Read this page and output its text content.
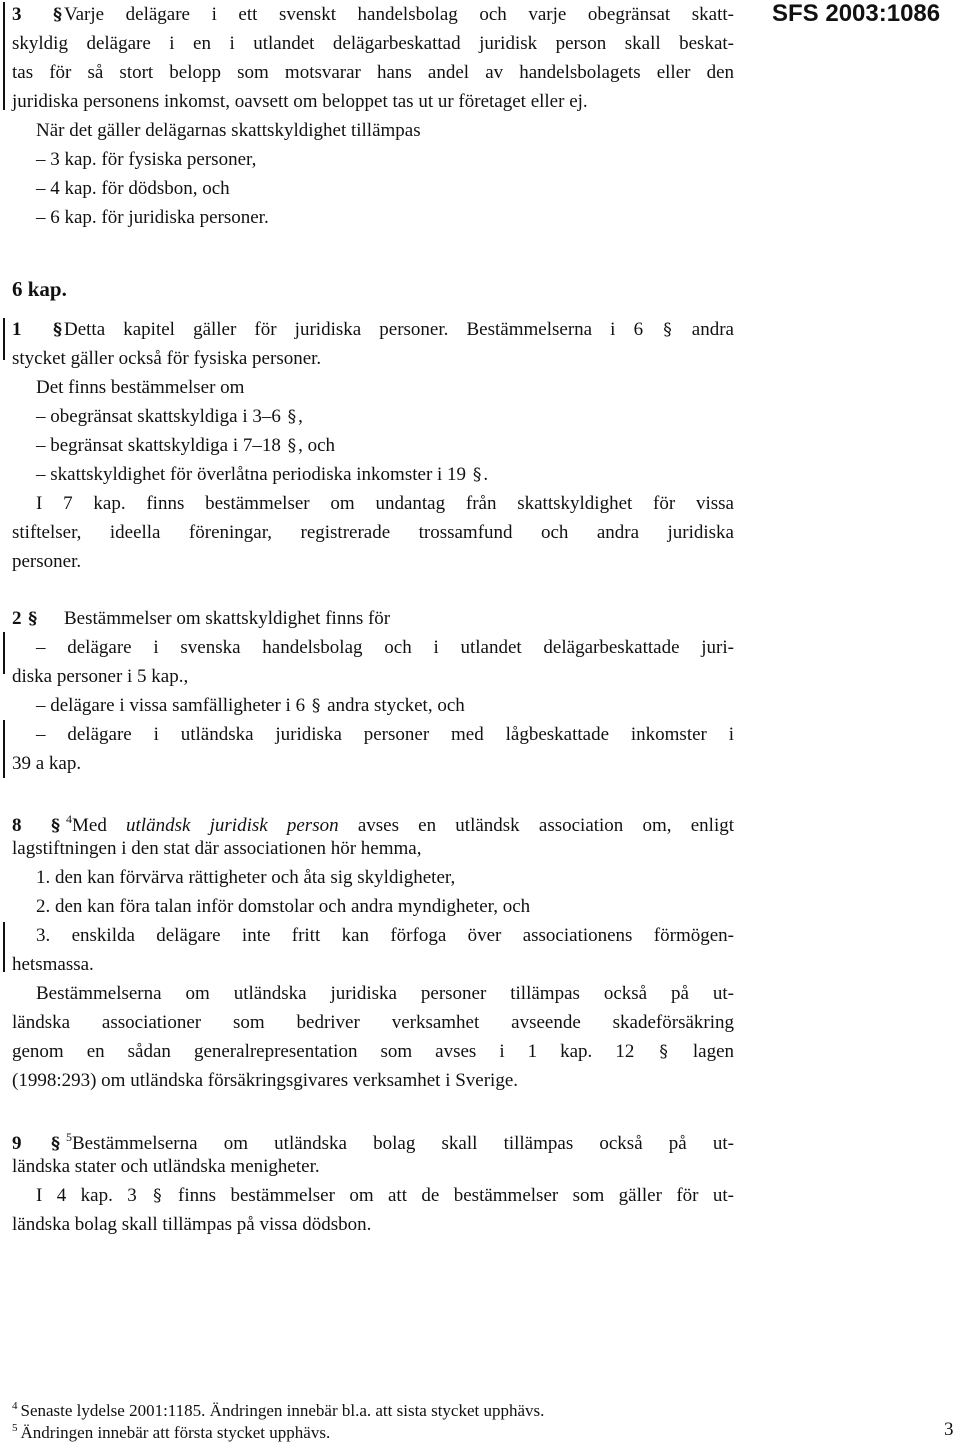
SFS 2003:1086
3 § Varje delägare i ett svenskt handelsbolag och varje obegränsat skatt-
skyldig delägare i en i utlandet delägarbeskattad juridisk person skall beskat-
tas för så stort belopp som motsvarar hans andel av handelsbolagets eller den
juridiska personens inkomst, oavsett om beloppet tas ut ur företaget eller ej.
När det gäller delägarnas skattskyldighet tillämpas
– 3 kap. för fysiska personer,
– 4 kap. för dödsbon, och
– 6 kap. för juridiska personer.
6 kap.
1 § Detta kapitel gäller för juridiska personer. Bestämmelserna i 6 § andra
stycket gäller också för fysiska personer.
Det finns bestämmelser om
– obegränsat skattskyldiga i 3–6 § ,
– begränsat skattskyldiga i 7–18 § , och
– skattskyldighet för överlåtna periodiska inkomster i 19 § .
I 7 kap. finns bestämmelser om undantag från skattskyldighet för vissa
stiftelser, ideella föreningar, registrerade trossamfund och andra juridiska
personer.
2 § Bestämmelser om skattskyldighet finns för
– delägare i svenska handelsbolag och i utlandet delägarbeskattade juri-
diska personer i 5 kap.,
– delägare i vissa samfälligheter i 6 § andra stycket, och
– delägare i utländska juridiska personer med lågbeskattade inkomster i
39 a kap.
8 § $^4$Med utländsk juridisk person avses en utländsk association om, enligt
lagstiftningen i den stat där associationen hör hemma,
1. den kan förvärva rättigheter och åta sig skyldigheter,
2. den kan föra talan inför domstolar och andra myndigheter, och
3. enskilda delägare inte fritt kan förfoga över associationens förmögen-
hetsmassa.
Bestämmelserna om utländska juridiska personer tillämpas också på ut-
ländska associationer som bedriver verksamhet avseende skadeförsäkring
genom en sådan generalrepresentation som avses i 1 kap. 12 § lagen
(1998:293) om utländska försäkringsgivares verksamhet i Sverige.
9 § $^5$Bestämmelserna om utländska bolag skall tillämpas också på ut-
ländska stater och utländska menigheter.
I 4 kap. 3 § finns bestämmelser om att de bestämmelser som gäller för ut-
ländska bolag skall tillämpas på vissa dödsbon.
$^4$ Senaste lydelse 2001:1185. Ändringen innebär bl.a. att sista stycket upphävs.
$^5$ Ändringen innebär att första stycket upphävs.	3
